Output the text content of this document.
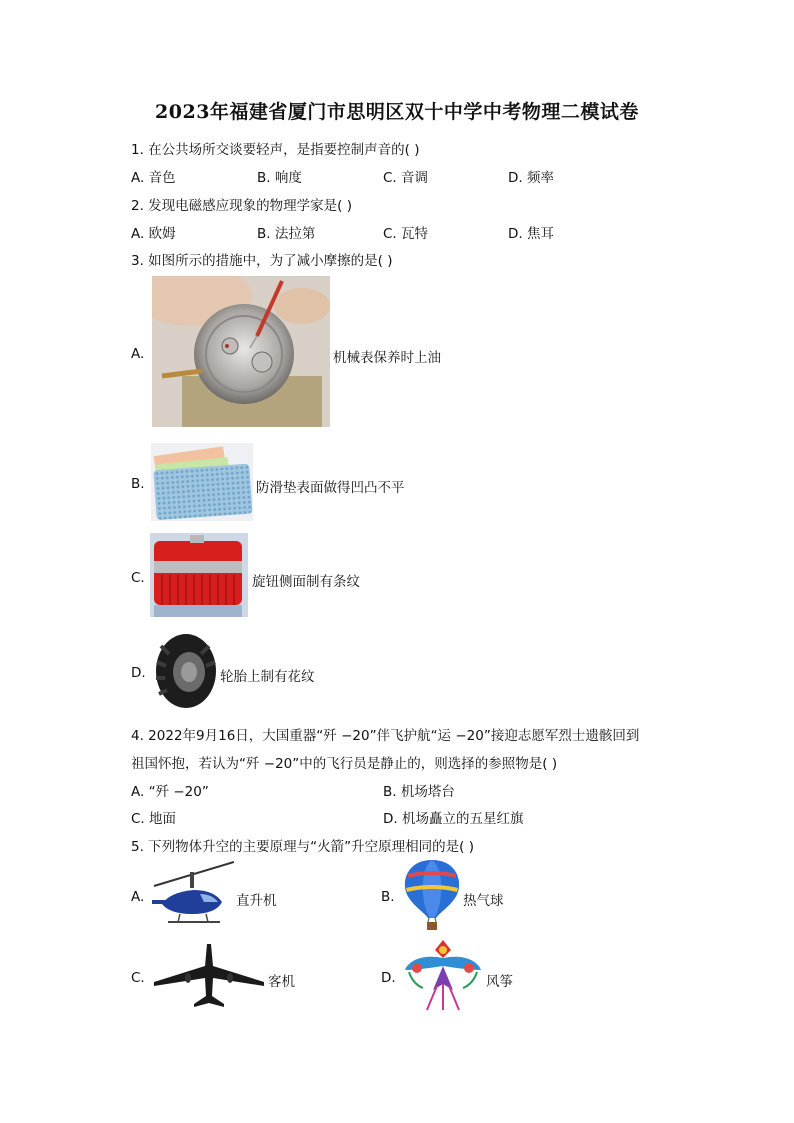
2023年福建省厦门市思明区双十中学中考物理二模试卷
1. 在公共场所交谈要轻声，是指要控制声音的( )
A. 音色	B. 响度	C. 音调	D. 频率
2. 发现电磁感应现象的物理学家是( )
A. 欧姆	B. 法拉第	C. 瓦特	D. 焦耳
3. 如图所示的措施中，为了减小摩擦的是( )
A.	机械表保养时上油
B.	防滑垫表面做得凹凸不平
C.	旋钮侧面制有条纹
D.	轮胎上制有花纹
4. 2022年9月16日，大国重器“歼 −20”伴飞护航“运 −20”接迎志愿军烈士遗骸回到
祖国怀抱，若认为“歼 −20”中的飞行员是静止的，则选择的参照物是( )
A. “歼 −20”	B. 机场塔台
C. 地面	D. 机场矗立的五星红旗
5. 下列物体升空的主要原理与“火箭”升空原理相同的是( )
A.	直升机	B.	热气球
C.	客机	D.	风筝
